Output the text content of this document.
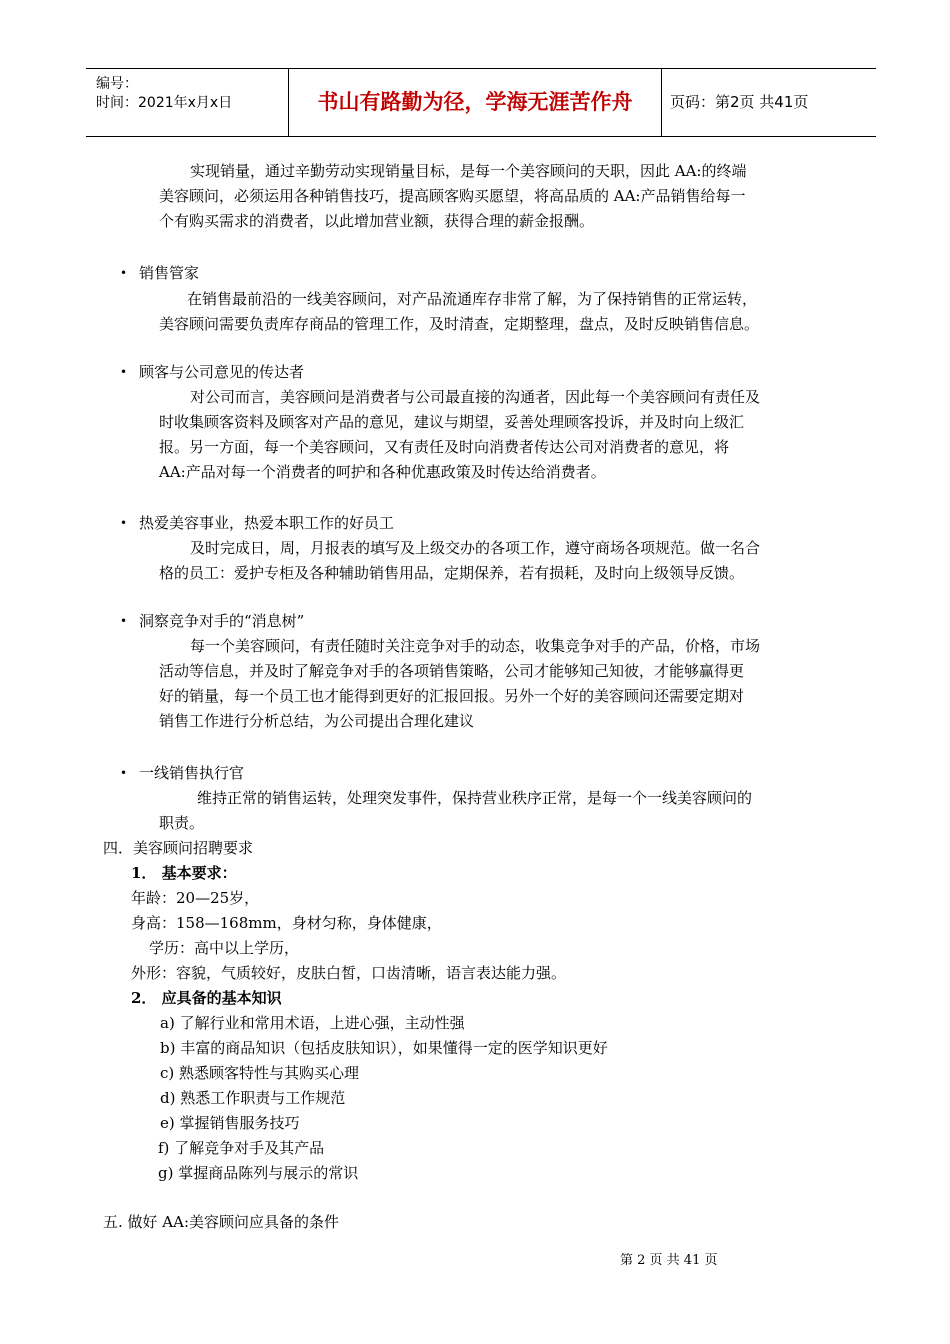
编号：
时间：2021年x月x日	书山有路勤为径，学海无涯苦作舟	页码：第2页 共41页
实现销量，通过辛勤劳动实现销量目标，是每一个美容顾问的天职，因此 AA:的终端
美容顾问，必须运用各种销售技巧，提高顾客购买愿望，将高品质的 AA:产品销售给每一
个有购买需求的消费者，以此增加营业额，获得合理的薪金报酬。
• 销售管家
在销售最前沿的一线美容顾问，对产品流通库存非常了解，为了保持销售的正常运转，
美容顾问需要负责库存商品的管理工作，及时清查，定期整理，盘点，及时反映销售信息。
• 顾客与公司意见的传达者
对公司而言，美容顾问是消费者与公司最直接的沟通者，因此每一个美容顾问有责任及
时收集顾客资料及顾客对产品的意见，建议与期望，妥善处理顾客投诉，并及时向上级汇
报。另一方面，每一个美容顾问，又有责任及时向消费者传达公司对消费者的意见，将
AA:产品对每一个消费者的呵护和各种优惠政策及时传达给消费者。
• 热爱美容事业，热爱本职工作的好员工
及时完成日，周，月报表的填写及上级交办的各项工作，遵守商场各项规范。做一名合
格的员工：爱护专柜及各种辅助销售用品，定期保养，若有损耗，及时向上级领导反馈。
• 洞察竞争对手的“消息树”
每一个美容顾问，有责任随时关注竞争对手的动态，收集竞争对手的产品，价格，市场
活动等信息，并及时了解竞争对手的各项销售策略，公司才能够知己知彼，才能够赢得更
好的销量，每一个员工也才能得到更好的汇报回报。另外一个好的美容顾问还需要定期对
销售工作进行分析总结，为公司提出合理化建议
• 一线销售执行官
维持正常的销售运转，处理突发事件，保持营业秩序正常，是每一个一线美容顾问的
职责。
四．美容顾问招聘要求
1． 基本要求：
年龄：20—25岁，
身高：158—168mm，身材匀称，身体健康，
学历：高中以上学历，
外形：容貌，气质较好，皮肤白皙，口齿清晰，语言表达能力强。
2． 应具备的基本知识
a) 了解行业和常用术语，上进心强，主动性强
b) 丰富的商品知识（包括皮肤知识），如果懂得一定的医学知识更好
c) 熟悉顾客特性与其购买心理
d) 熟悉工作职责与工作规范
e) 掌握销售服务技巧
f) 了解竞争对手及其产品
g) 掌握商品陈列与展示的常识
五. 做好 AA:美容顾问应具备的条件
第 2 页 共 41 页
